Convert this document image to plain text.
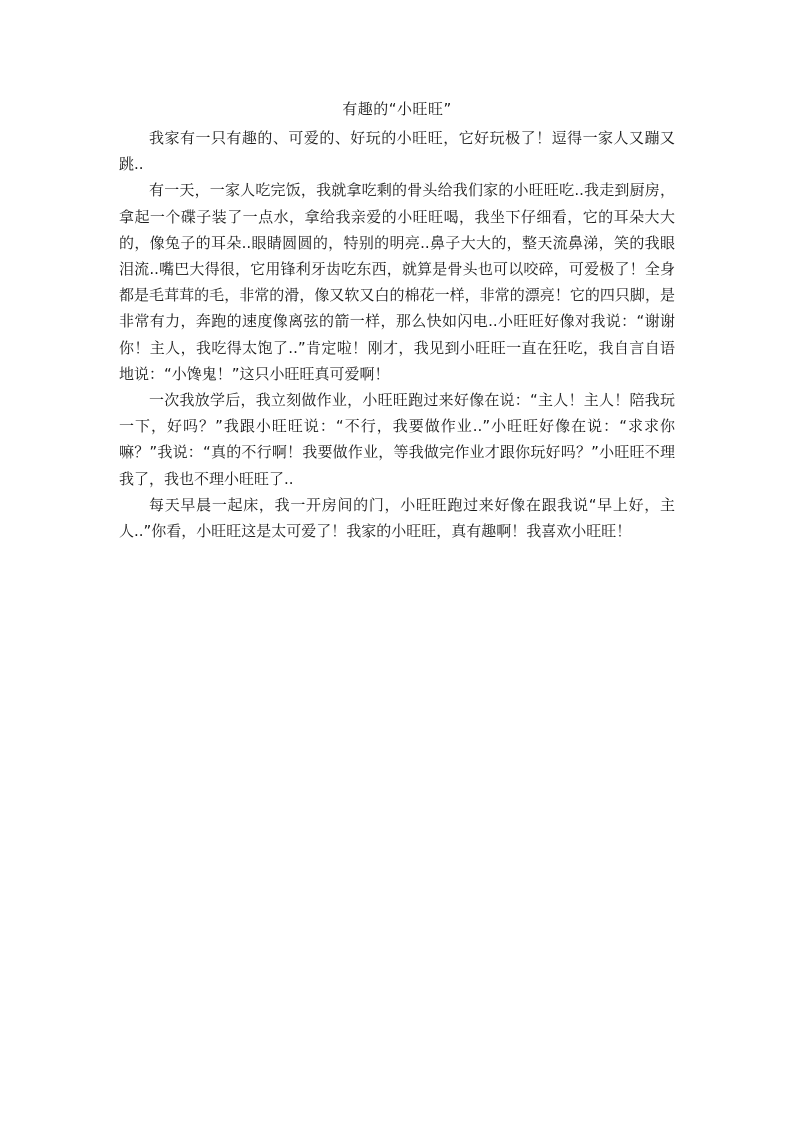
有趣的“小旺旺”

我家有一只有趣的、可爱的、好玩的小旺旺，它好玩极了！逗得一家人又蹦又跳..

有一天，一家人吃完饭，我就拿吃剩的骨头给我们家的小旺旺吃..我走到厨房，拿起一个碟子装了一点水，拿给我亲爱的小旺旺喝，我坐下仔细看，它的耳朵大大的，像兔子的耳朵..眼睛圆圆的，特别的明亮..鼻子大大的，整天流鼻涕，笑的我眼泪流..嘴巴大得很，它用锋利牙齿吃东西，就算是骨头也可以咬碎，可爱极了！全身都是毛茸茸的毛，非常的滑，像又软又白的棉花一样，非常的漂亮！它的四只脚，是非常有力，奔跑的速度像离弦的箭一样，那么快如闪电..小旺旺好像对我说：“谢谢你！主人，我吃得太饱了..”肯定啦！刚才，我见到小旺旺一直在狂吃，我自言自语地说：“小馋鬼！”这只小旺旺真可爱啊！

一次我放学后，我立刻做作业，小旺旺跑过来好像在说：“主人！主人！陪我玩一下，好吗？”我跟小旺旺说：“不行，我要做作业..”小旺旺好像在说：“求求你嘛？”我说：“真的不行啊！我要做作业，等我做完作业才跟你玩好吗？”小旺旺不理我了，我也不理小旺旺了..

每天早晨一起床，我一开房间的门，小旺旺跑过来好像在跟我说“早上好，主人..”你看，小旺旺这是太可爱了！我家的小旺旺，真有趣啊！我喜欢小旺旺！
